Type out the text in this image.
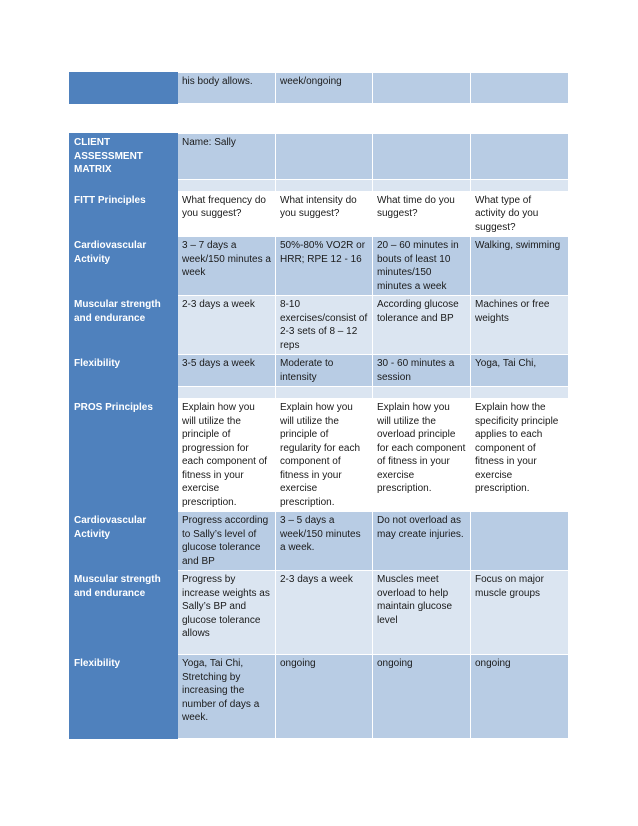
	his body allows.	week/ongoing		
CLIENT ASSESSMENT MATRIX	Name: Sally			

FITT Principles	What frequency do you suggest?	What intensity do you suggest?	What time do you suggest?	What type of activity do you suggest?
Cardiovascular Activity	3 – 7 days a week/150 minutes a week	50%-80% VO2R or HRR; RPE 12 - 16	20 – 60 minutes in bouts of least 10 minutes/150 minutes a week	Walking, swimming
Muscular strength and endurance	2-3 days a week	8-10 exercises/consist of 2-3 sets of 8 – 12 reps	According glucose tolerance and BP	Machines or free weights
Flexibility	3-5 days a week	Moderate to intensity	30 - 60 minutes a session	Yoga, Tai Chi,

PROS Principles	Explain how you will utilize the principle of progression for each component of fitness in your exercise prescription.	Explain how you will utilize the principle of regularity for each component of fitness in your exercise prescription.	Explain how you will utilize the overload principle for each component of fitness in your exercise prescription.	Explain how the specificity principle applies to each component of fitness in your exercise prescription.
Cardiovascular Activity	Progress according to Sally’s level of glucose tolerance and BP	3 – 5 days a week/150 minutes a week.	Do not overload as may create injuries.	
Muscular strength and endurance	Progress by increase weights as Sally’s BP and glucose tolerance allows	2-3 days a week	Muscles meet overload to help maintain glucose level	Focus on major muscle groups
Flexibility	Yoga, Tai Chi, Stretching by increasing the number of days a week.	ongoing	ongoing	ongoing
